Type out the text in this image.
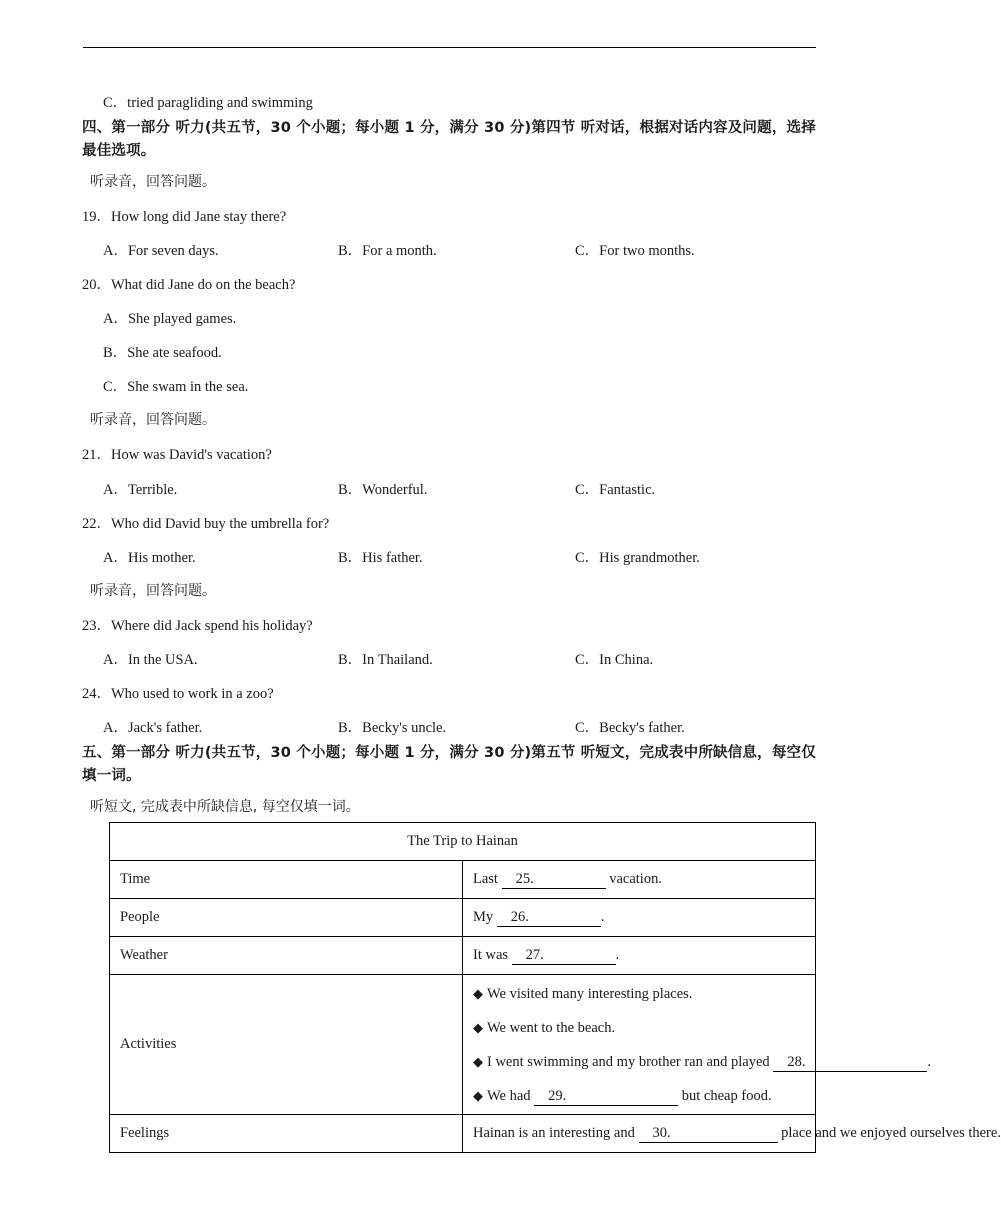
C．tried paragliding and swimming
四、第一部分 听力(共五节，30 个小题；每小题 1 分，满分 30 分)第四节 听对话，根据对话内容及问题，选择最佳选项。
听录音，回答问题。
19．How long did Jane stay there?
A．For seven days.	B．For a month.	C．For two months.
20．What did Jane do on the beach?
A．She played games.
B．She ate seafood.
C．She swam in the sea.
听录音，回答问题。
21．How was David's vacation?
A．Terrible.	B．Wonderful.	C．Fantastic.
22．Who did David buy the umbrella for?
A．His mother.	B．His father.	C．His grandmother.
听录音，回答问题。
23．Where did Jack spend his holiday?
A．In the USA.	B．In Thailand.	C．In China.
24．Who used to work in a zoo?
A．Jack's father.	B．Becky's uncle.	C．Becky's father.
五、第一部分 听力(共五节，30 个小题；每小题 1 分，满分 30 分)第五节 听短文，完成表中所缺信息，每空仅填一词。
听短文, 完成表中所缺信息, 每空仅填一词。
The Trip to Hainan	
Time	Last 25. vacation.
People	My 26. .
Weather	It was 27. .
Activities	◆ We visited many interesting places.
◆ We went to the beach.
◆ I went swimming and my brother ran and played 28. .
◆ We had 29. but cheap food.

Feelings	Hainan is an interesting and 30. place and we enjoyed ourselves there.
